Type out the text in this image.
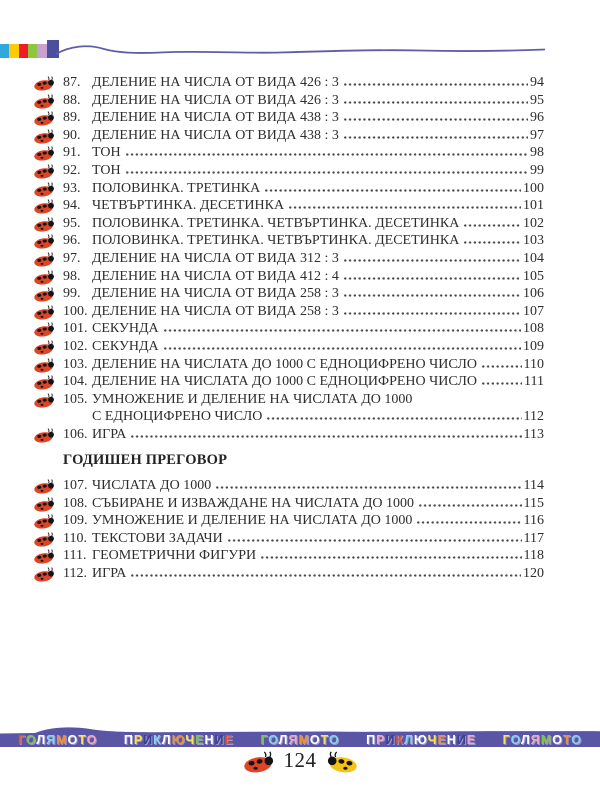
87. ДЕЛЕНИЕ НА ЧИСЛА ОТ ВИДА 426 : 3	94
88. ДЕЛЕНИЕ НА ЧИСЛА ОТ ВИДА 426 : 3	95
89. ДЕЛЕНИЕ НА ЧИСЛА ОТ ВИДА 438 : 3	96
90. ДЕЛЕНИЕ НА ЧИСЛА ОТ ВИДА 438 : 3	97
91. ТОН	98
92. ТОН	99
93. ПОЛОВИНКА. ТРЕТИНКА	100
94. ЧЕТВЪРТИНКА. ДЕСЕТИНКА	101
95. ПОЛОВИНКА. ТРЕТИНКА. ЧЕТВЪРТИНКА. ДЕСЕТИНКА	102
96. ПОЛОВИНКА. ТРЕТИНКА. ЧЕТВЪРТИНКА. ДЕСЕТИНКА	103
97. ДЕЛЕНИЕ НА ЧИСЛА ОТ ВИДА 312 : 3	104
98. ДЕЛЕНИЕ НА ЧИСЛА ОТ ВИДА 412 : 4	105
99. ДЕЛЕНИЕ НА ЧИСЛА ОТ ВИДА 258 : 3	106
100. ДЕЛЕНИЕ НА ЧИСЛА ОТ ВИДА 258 : 3	107
101. СЕКУНДА	108
102. СЕКУНДА	109
103. ДЕЛЕНИЕ НА ЧИСЛАТА ДО 1000 С ЕДНОЦИФРЕНО ЧИСЛО	110
104. ДЕЛЕНИЕ НА ЧИСЛАТА ДО 1000 С ЕДНОЦИФРЕНО ЧИСЛО	111
105. УМНОЖЕНИЕ И ДЕЛЕНИЕ НА ЧИСЛАТА ДО 1000
С ЕДНОЦИФРЕНО ЧИСЛО	112
106. ИГРА	113
ГОДИШЕН ПРЕГОВОР
107. ЧИСЛАТА ДО 1000	114
108. СЪБИРАНЕ И ИЗВАЖДАНЕ НА ЧИСЛАТА ДО 1000	115
109. УМНОЖЕНИЕ И ДЕЛЕНИЕ НА ЧИСЛАТА ДО 1000	116
110. ТЕКСТОВИ ЗАДАЧИ	117
111. ГЕОМЕТРИЧНИ ФИГУРИ	118
112. ИГРА	120
ГОЛЯМОТО ПРИКЛЮЧЕНИЕ ГОЛЯМОТО ПРИКЛЮЧЕНИЕ ГОЛЯМОТО
124
